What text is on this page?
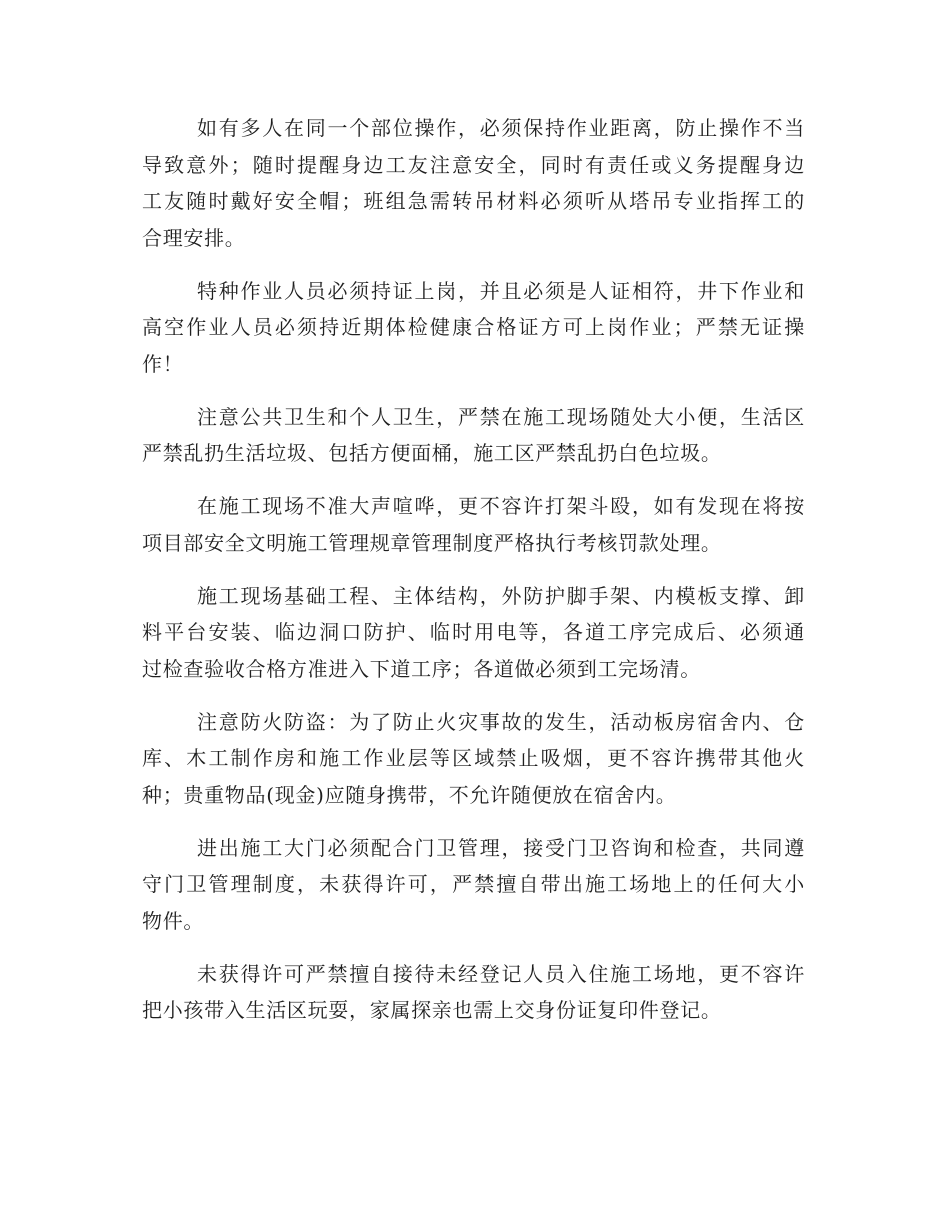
如有多人在同一个部位操作，必须保持作业距离，防止操作不当
导致意外；随时提醒身边工友注意安全，同时有责任或义务提醒身边
工友随时戴好安全帽；班组急需转吊材料必须听从塔吊专业指挥工的
合理安排。
特种作业人员必须持证上岗，并且必须是人证相符，井下作业和
高空作业人员必须持近期体检健康合格证方可上岗作业；严禁无证操
作！
注意公共卫生和个人卫生，严禁在施工现场随处大小便，生活区
严禁乱扔生活垃圾、包括方便面桶，施工区严禁乱扔白色垃圾。
在施工现场不准大声喧哗，更不容许打架斗殴，如有发现在将按
项目部安全文明施工管理规章管理制度严格执行考核罚款处理。
施工现场基础工程、主体结构，外防护脚手架、内模板支撑、卸
料平台安装、临边洞口防护、临时用电等，各道工序完成后、必须通
过检查验收合格方准进入下道工序；各道做必须到工完场清。
注意防火防盗：为了防止火灾事故的发生，活动板房宿舍内、仓
库、木工制作房和施工作业层等区域禁止吸烟，更不容许携带其他火
种；贵重物品(现金)应随身携带，不允许随便放在宿舍内。
进出施工大门必须配合门卫管理，接受门卫咨询和检查，共同遵
守门卫管理制度，未获得许可，严禁擅自带出施工场地上的任何大小
物件。
未获得许可严禁擅自接待未经登记人员入住施工场地，更不容许
把小孩带入生活区玩耍，家属探亲也需上交身份证复印件登记。
